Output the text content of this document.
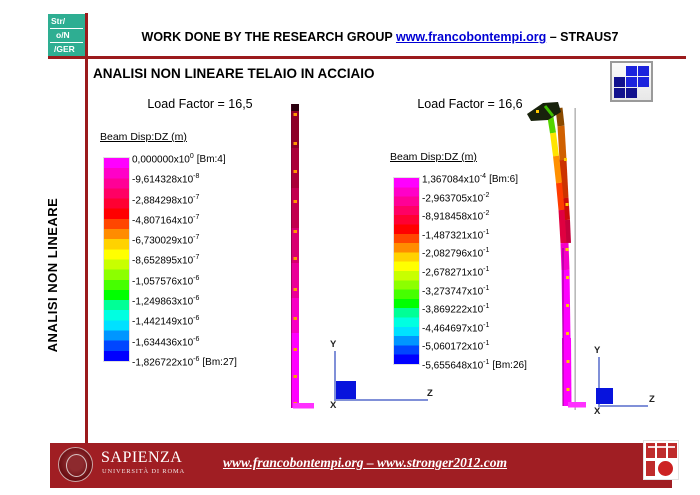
Str/
o/N
/GER
WORK DONE BY THE RESEARCH GROUP www.francobontempi.org – STRAUS7
ANALISI NON LINEARE TELAIO IN ACCIAIO
ANALISI NON LINEARE
Load Factor = 16,5	Load Factor = 16,6
Beam Disp:DZ (m)
$0,000000x10^0$ [Bm:4]
$-9,614328x10^{-8}$
$-2,884298x10^{-7}$
$-4,807164x10^{-7}$
$-6,730029x10^{-7}$
$-8,652895x10^{-7}$
$-1,057576x10^{-6}$
$-1,249863x10^{-6}$
$-1,442149x10^{-6}$
$-1,634436x10^{-6}$
$-1,826722x10^{-6}$ [Bm:27]
Beam Disp:DZ (m)
$1,367084x10^{-4}$ [Bm:6]
$-2,963705x10^{-2}$
$-8,918458x10^{-2}$
$-1,487321x10^{-1}$
$-2,082796x10^{-1}$
$-2,678271x10^{-1}$
$-3,273747x10^{-1}$
$-3,869222x10^{-1}$
$-4,464697x10^{-1}$
$-5,060172x10^{-1}$
$-5,655648x10^{-1}$ [Bm:26]
Y
X
Z
Y
X
Z
SAPIENZA
UNIVERSITÀ DI ROMA
www.francobontempi.org – www.stronger2012.com
